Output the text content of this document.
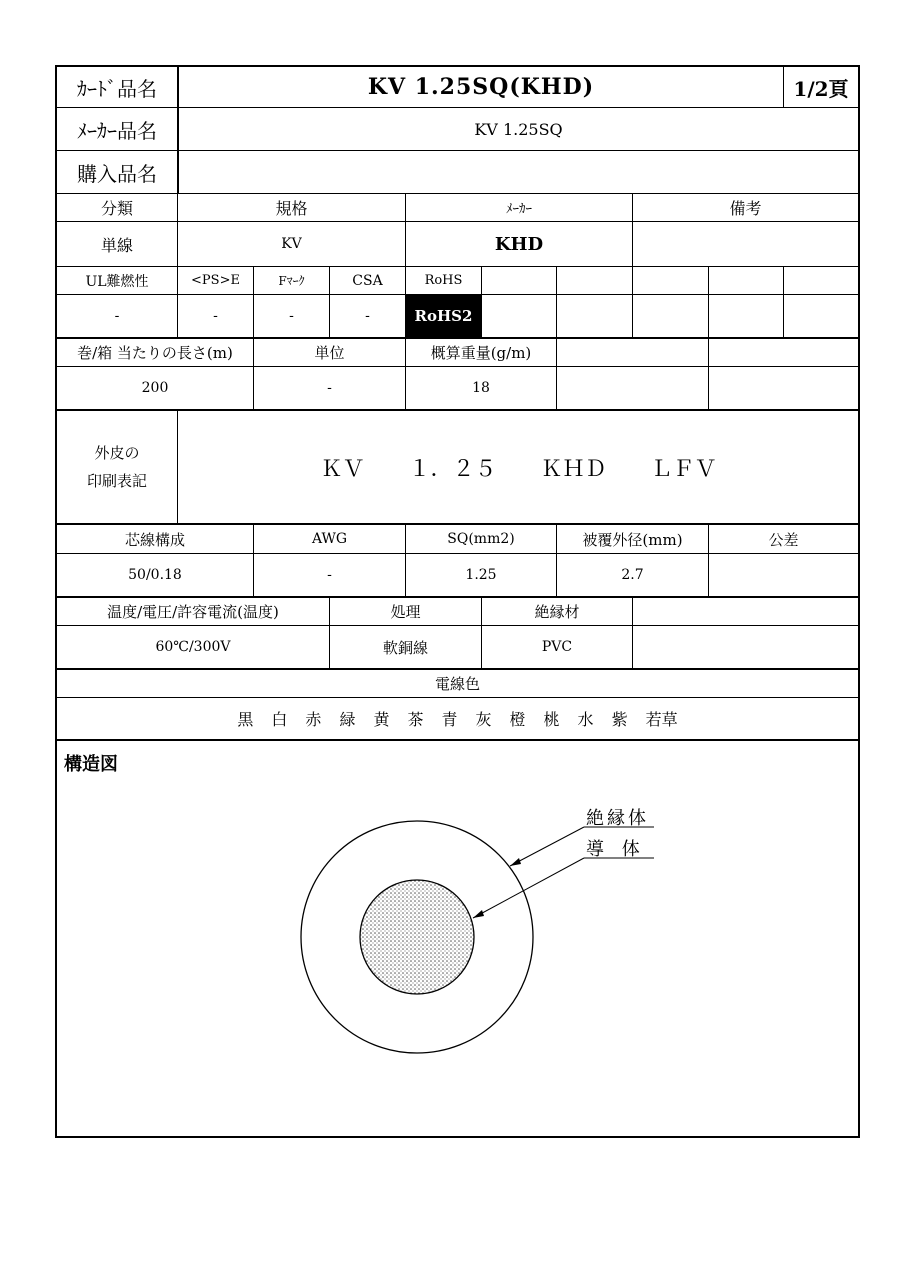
ｶｰﾄﾞ品名	KV 1.25SQ(KHD)	1/2頁
ﾒｰｶｰ品名	KV 1.25SQ
購入品名
分類	規格	ﾒｰｶｰ	備考
単線	KV	KHD
UL難燃性	<PS>E	Fﾏｰｸ	CSA	RoHS
-	-	-	-	RoHS2
巻/箱 当たりの長さ(m)	単位	概算重量(g/m)
200	-	18
外皮の
印刷表記	ＫＶ １．２５ ＫＨＤ ＬＦＶ
芯線構成	AWG	SQ(mm2)	被覆外径(mm)	公差
50/0.18	-	1.25	2.7
温度/電圧/許容電流(温度)	処理	絶縁材
60℃/300V	軟銅線	PVC
電線色
黒 白 赤 緑 黄 茶 青 灰 橙 桃 水 紫 若草
構造図
絶縁体
導 体
